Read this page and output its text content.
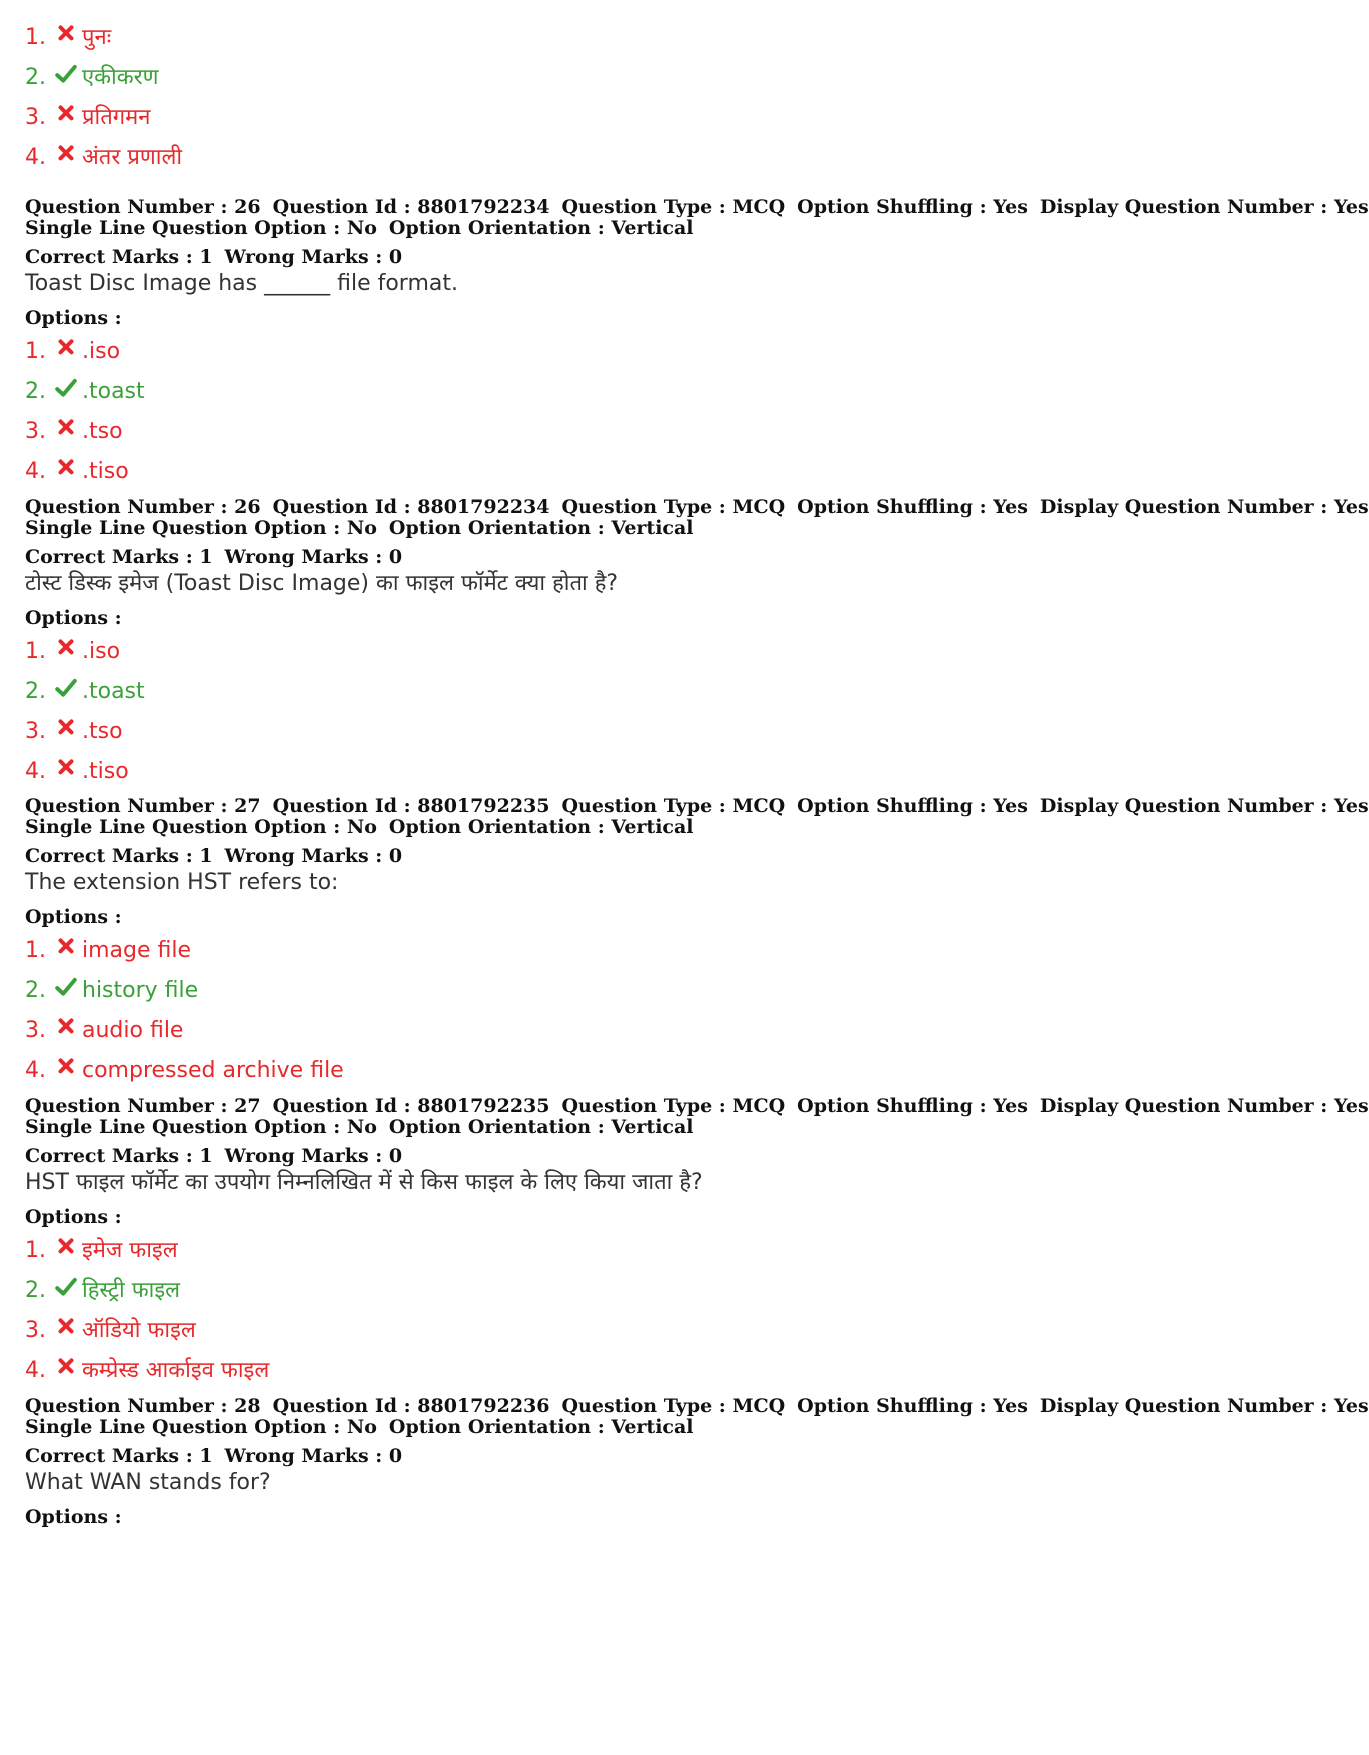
1. पुनः
2. एकीकरण
3. प्रतिगमन
4. अंतर प्रणाली
Question Number : 26 Question Id : 8801792234 Question Type : MCQ Option Shuffling : Yes Display Question Number : Yes
Single Line Question Option : No Option Orientation : Vertical
Correct Marks : 1 Wrong Marks : 0
Toast Disc Image has ______ file format.
Options :
1. .iso
2. .toast
3. .tso
4. .tiso
Question Number : 26 Question Id : 8801792234 Question Type : MCQ Option Shuffling : Yes Display Question Number : Yes
Single Line Question Option : No Option Orientation : Vertical
Correct Marks : 1 Wrong Marks : 0
टोस्ट डिस्क इमेज (Toast Disc Image) का फाइल फॉर्मेट क्या होता है?
Options :
1. .iso
2. .toast
3. .tso
4. .tiso
Question Number : 27 Question Id : 8801792235 Question Type : MCQ Option Shuffling : Yes Display Question Number : Yes
Single Line Question Option : No Option Orientation : Vertical
Correct Marks : 1 Wrong Marks : 0
The extension HST refers to:
Options :
1. image file
2. history file
3. audio file
4. compressed archive file
Question Number : 27 Question Id : 8801792235 Question Type : MCQ Option Shuffling : Yes Display Question Number : Yes
Single Line Question Option : No Option Orientation : Vertical
Correct Marks : 1 Wrong Marks : 0
HST फाइल फॉर्मेट का उपयोग निम्नलिखित में से किस फाइल के लिए किया जाता है?
Options :
1. इमेज फाइल
2. हिस्ट्री फाइल
3. ऑडियो फाइल
4. कम्प्रेस्ड आर्काइव फाइल
Question Number : 28 Question Id : 8801792236 Question Type : MCQ Option Shuffling : Yes Display Question Number : Yes
Single Line Question Option : No Option Orientation : Vertical
Correct Marks : 1 Wrong Marks : 0
What WAN stands for?
Options :
